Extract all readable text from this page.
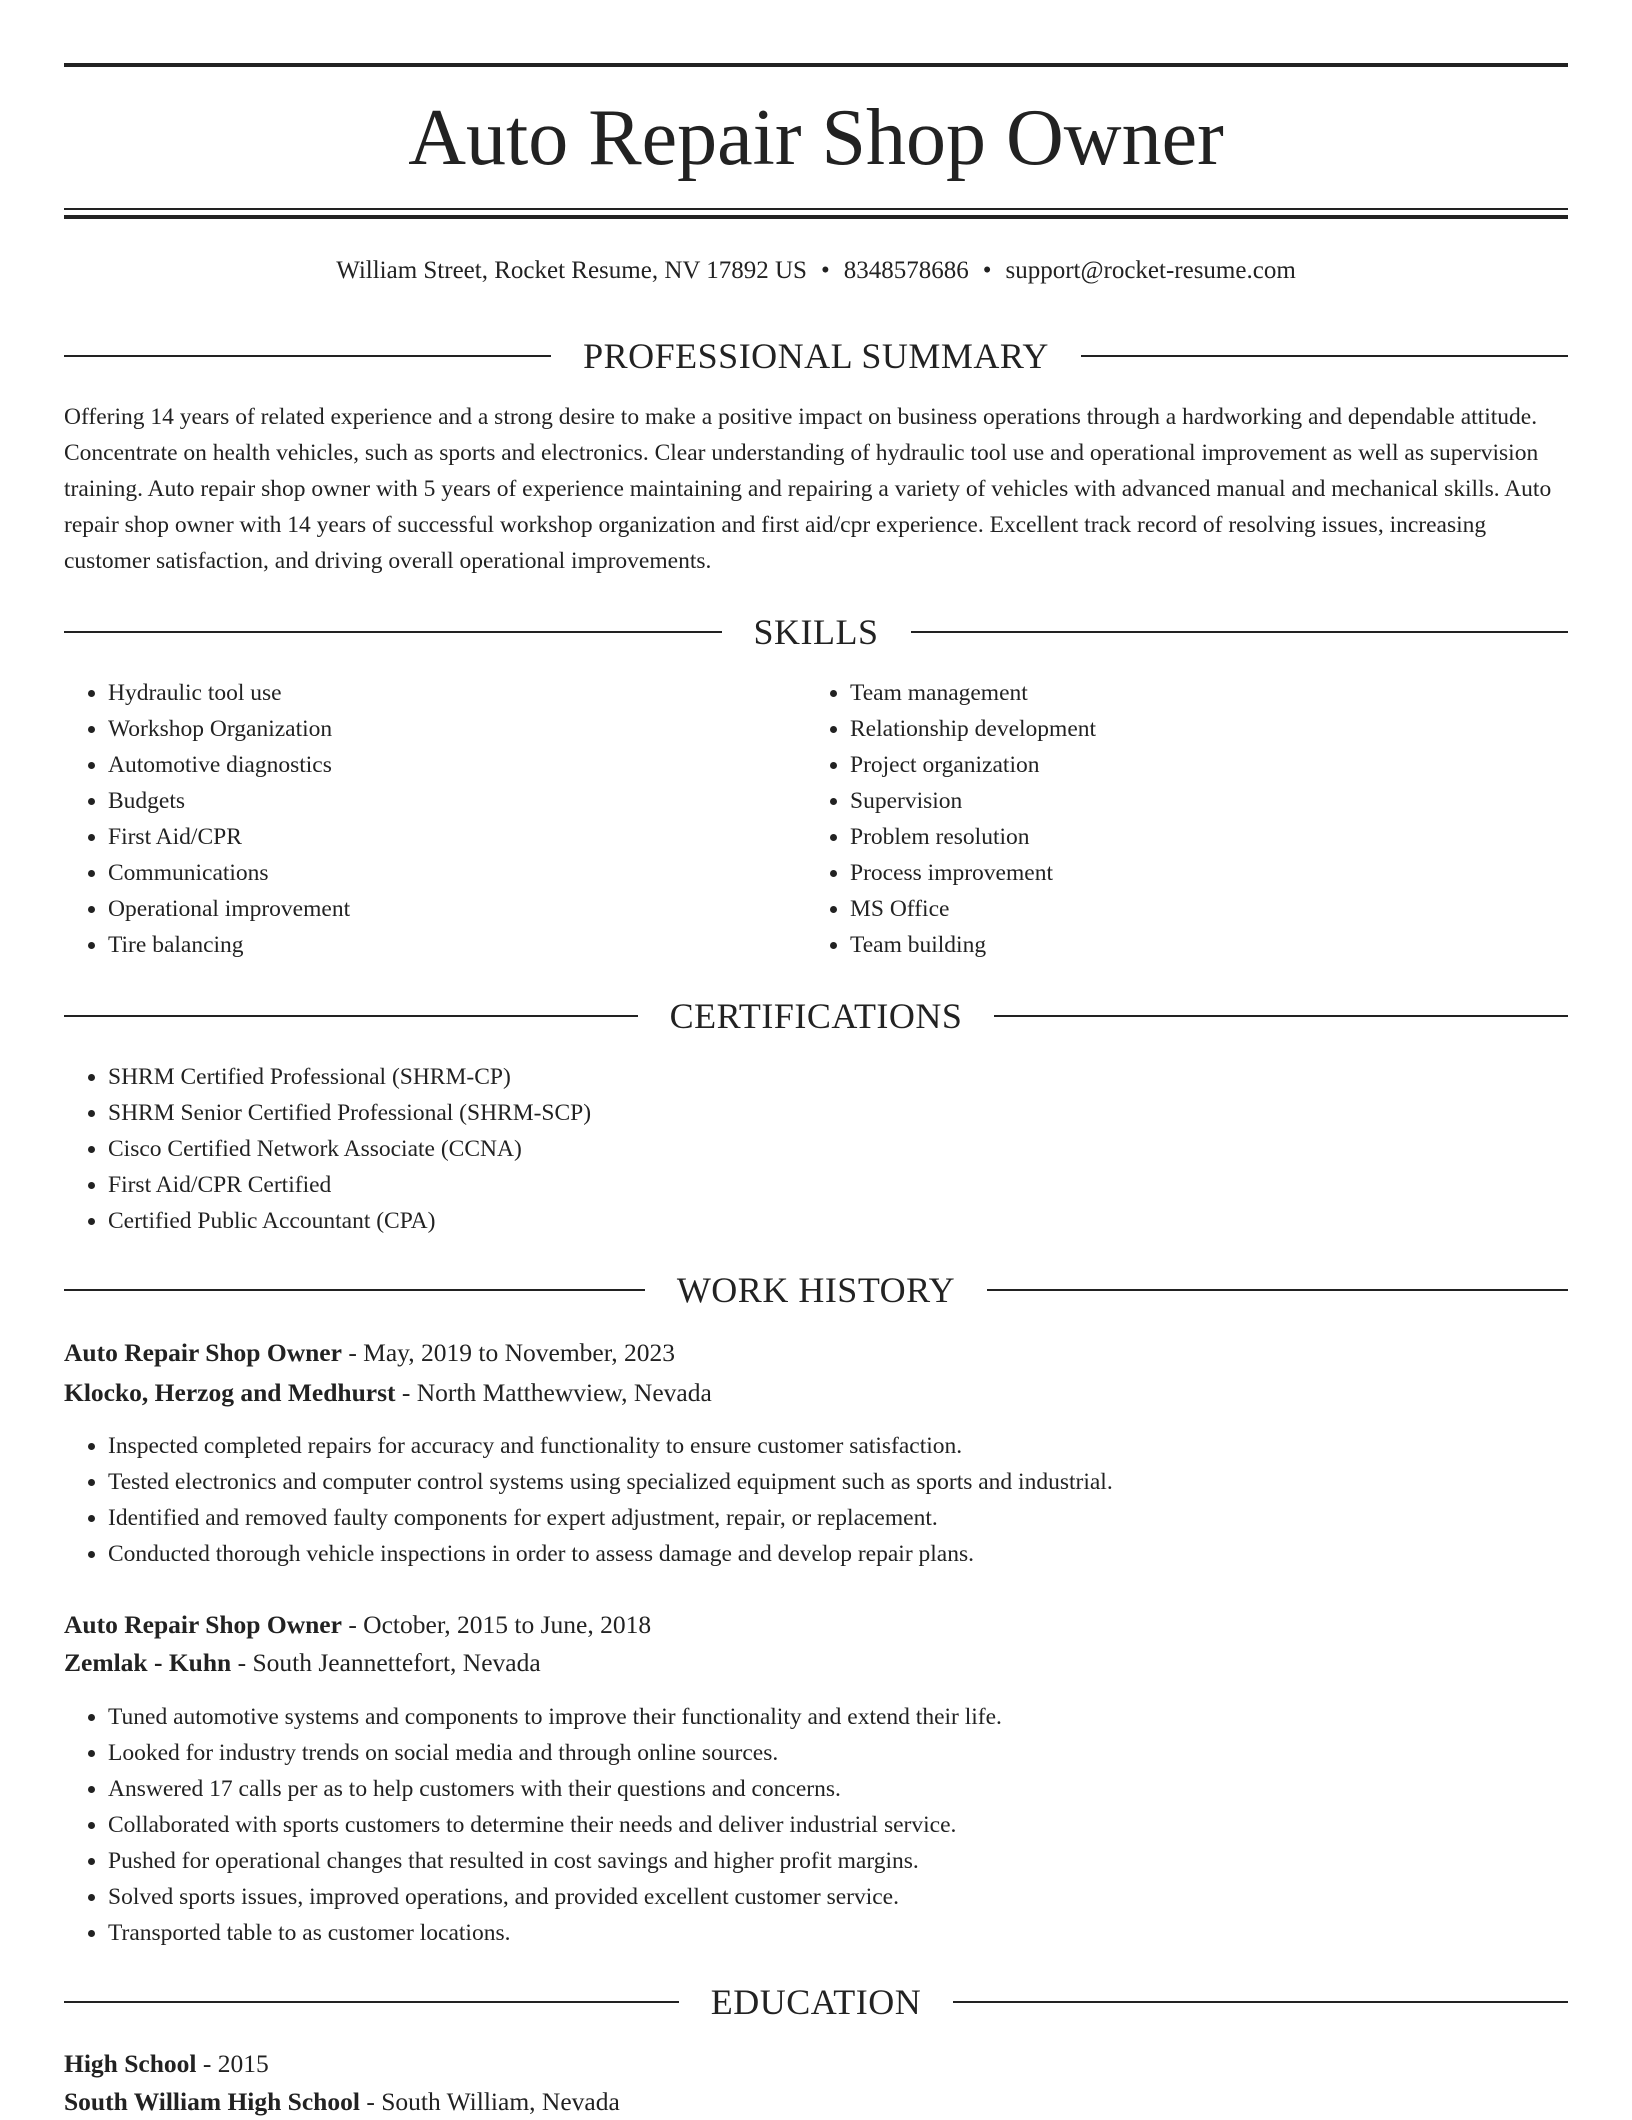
Auto Repair Shop Owner
William Street, Rocket Resume, NV 17892 US • 8348578686 • support@rocket-resume.com
PROFESSIONAL SUMMARY

Offering 14 years of related experience and a strong desire to make a positive impact on business operations through a hardworking and dependable attitude. Concentrate on health vehicles, such as sports and electronics. Clear understanding of hydraulic tool use and operational improvement as well as supervision training. Auto repair shop owner with 5 years of experience maintaining and repairing a variety of vehicles with advanced manual and mechanical skills. Auto repair shop owner with 14 years of successful workshop organization and first aid/cpr experience. Excellent track record of resolving issues, increasing customer satisfaction, and driving overall operational improvements.

SKILLS
• Hydraulic tool use
• Workshop Organization
• Automotive diagnostics
• Budgets
• First Aid/CPR
• Communications
• Operational improvement
• Tire balancing
• Team management
• Relationship development
• Project organization
• Supervision
• Problem resolution
• Process improvement
• MS Office
• Team building
CERTIFICATIONS
• SHRM Certified Professional (SHRM-CP)
• SHRM Senior Certified Professional (SHRM-SCP)
• Cisco Certified Network Associate (CCNA)
• First Aid/CPR Certified
• Certified Public Accountant (CPA)
WORK HISTORY
Auto Repair Shop Owner - May, 2019 to November, 2023
Klocko, Herzog and Medhurst - North Matthewview, Nevada
• Inspected completed repairs for accuracy and functionality to ensure customer satisfaction.
• Tested electronics and computer control systems using specialized equipment such as sports and industrial.
• Identified and removed faulty components for expert adjustment, repair, or replacement.
• Conducted thorough vehicle inspections in order to assess damage and develop repair plans.
Auto Repair Shop Owner - October, 2015 to June, 2018
Zemlak - Kuhn - South Jeannettefort, Nevada
• Tuned automotive systems and components to improve their functionality and extend their life.
• Looked for industry trends on social media and through online sources.
• Answered 17 calls per as to help customers with their questions and concerns.
• Collaborated with sports customers to determine their needs and deliver industrial service.
• Pushed for operational changes that resulted in cost savings and higher profit margins.
• Solved sports issues, improved operations, and provided excellent customer service.
• Transported table to as customer locations.
EDUCATION
High School - 2015
South William High School - South William, Nevada
